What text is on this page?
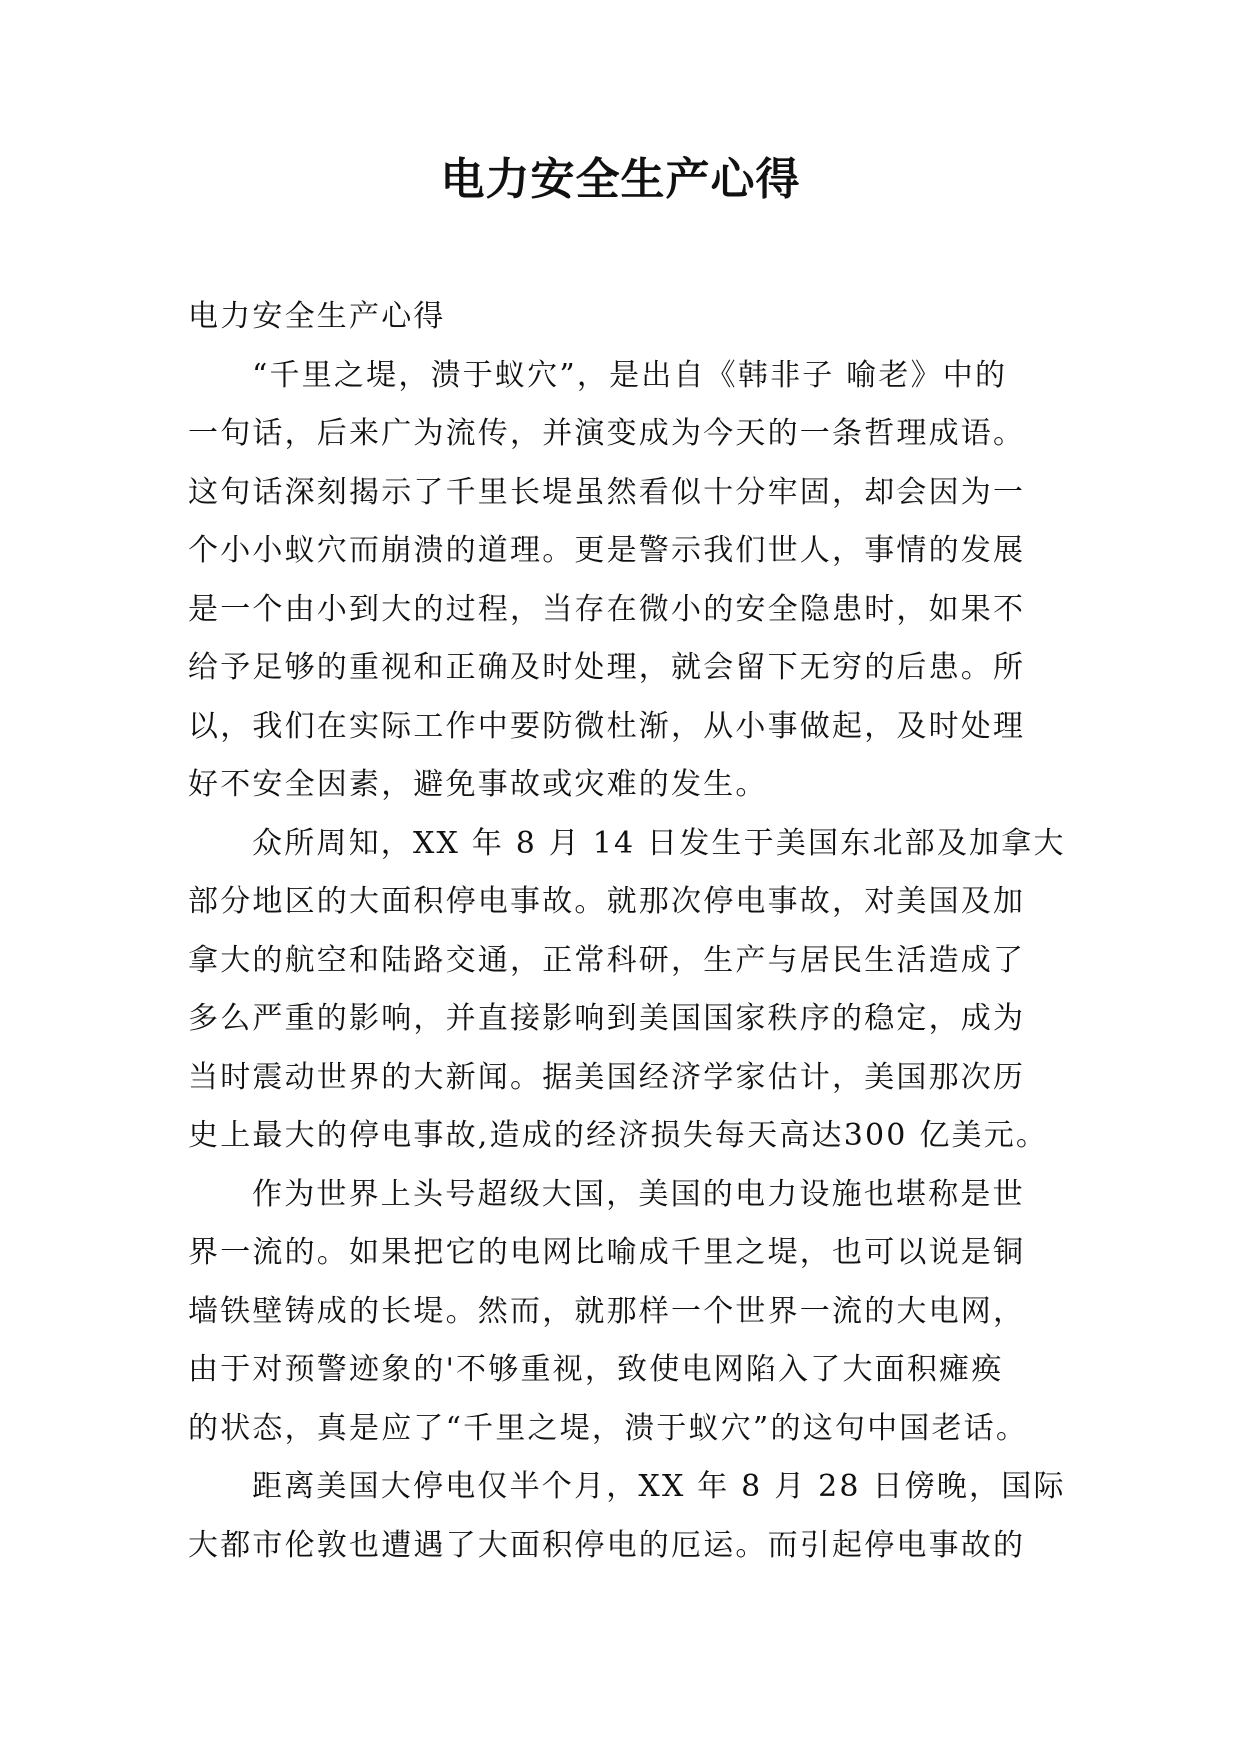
电力安全生产心得

电力安全生产心得

“千里之堤，溃于蚁穴”，是出自《韩非子 喻老》中的
一句话，后来广为流传，并演变成为今天的一条哲理成语。
这句话深刻揭示了千里长堤虽然看似十分牢固，却会因为一
个小小蚁穴而崩溃的道理。更是警示我们世人，事情的发展
是一个由小到大的过程，当存在微小的安全隐患时，如果不
给予足够的重视和正确及时处理，就会留下无穷的后患。所
以，我们在实际工作中要防微杜渐，从小事做起，及时处理
好不安全因素，避免事故或灾难的发生。

众所周知，XX 年 8 月 14 日发生于美国东北部及加拿大
部分地区的大面积停电事故。就那次停电事故，对美国及加
拿大的航空和陆路交通，正常科研，生产与居民生活造成了
多么严重的影响，并直接影响到美国国家秩序的稳定，成为
当时震动世界的大新闻。据美国经济学家估计，美国那次历
史上最大的停电事故,造成的经济损失每天高达300 亿美元。

作为世界上头号超级大国，美国的电力设施也堪称是世
界一流的。如果把它的电网比喻成千里之堤，也可以说是铜
墙铁壁铸成的长堤。然而，就那样一个世界一流的大电网，
由于对预警迹象的'不够重视，致使电网陷入了大面积瘫痪
的状态，真是应了“千里之堤，溃于蚁穴”的这句中国老话。

距离美国大停电仅半个月，XX 年 8 月 28 日傍晚，国际
大都市伦敦也遭遇了大面积停电的厄运。而引起停电事故的
